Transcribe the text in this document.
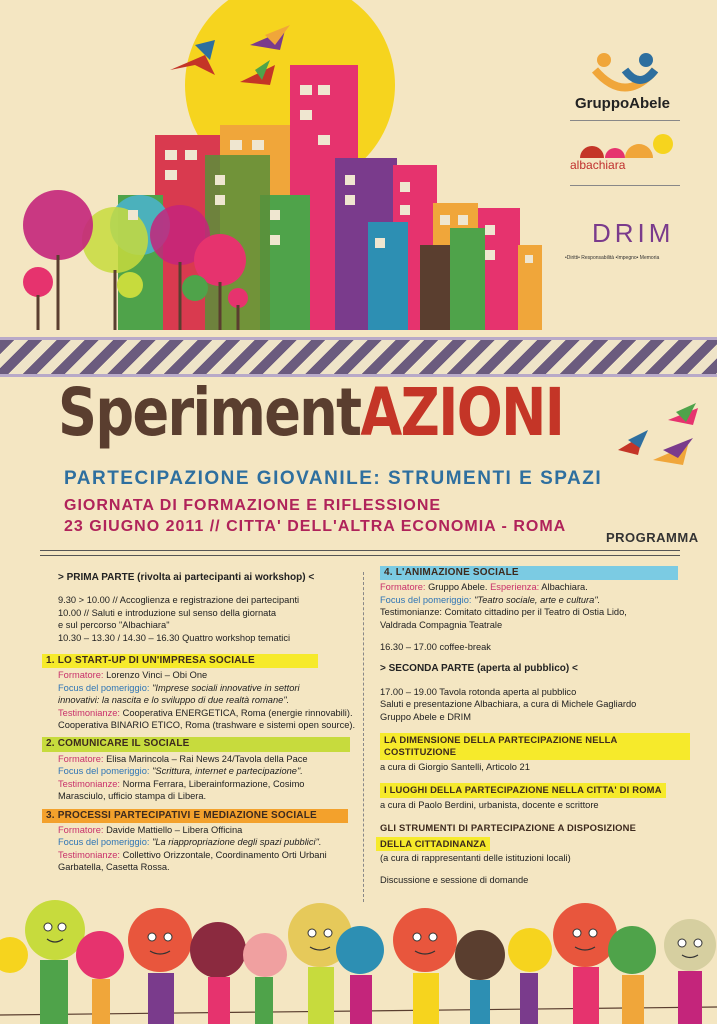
GruppoAbele
albachiara
DRIM
•Diritti• Responsabilità •Impegno• Memoria
SperimentAZIONI
PARTECIPAZIONE GIOVANILE: STRUMENTI E SPAZI
GIORNATA DI FORMAZIONE E RIFLESSIONE
23 GIUGNO 2011 // CITTA' DELL'ALTRA ECONOMIA - ROMA
PROGRAMMA

> PRIMA PARTE (rivolta ai partecipanti ai workshop) <

9.30 > 10.00 // Accoglienza e registrazione dei partecipanti

10.00 // Saluti e introduzione sul senso della giornata

e sul percorso "Albachiara"

10.30 – 13.30 / 14.30 – 16.30 Quattro workshop tematici

1. LO START-UP DI UN'IMPRESA SOCIALE

Formatore: Lorenzo Vinci – Obi One

Focus del pomeriggio: "Imprese sociali innovative in settori

innovativi: la nascita e lo sviluppo di due realtà romane".

Testimonianze: Cooperativa ENERGETICA, Roma (energie rinnovabili).

Cooperativa BINARIO ETICO, Roma (trashware e sistemi open source).

2. COMUNICARE IL SOCIALE

Formatore: Elisa Marincola – Rai News 24/Tavola della Pace

Focus del pomeriggio: "Scrittura, internet e partecipazione".

Testimonianze: Norma Ferrara, Liberainformazione, Cosimo

Marasciulo, ufficio stampa di Libera.

3. PROCESSI PARTECIPATIVI E MEDIAZIONE SOCIALE

Formatore: Davide Mattiello – Libera Officina

Focus del pomeriggio: "La riappropriazione degli spazi pubblici".

Testimonianze: Collettivo Orizzontale, Coordinamento Orti Urbani

Garbatella, Casetta Rossa.

4. L'ANIMAZIONE SOCIALE

Formatore: Gruppo Abele. Esperienza: Albachiara.

Focus del pomeriggio: "Teatro sociale, arte e cultura".

Testimonianze: Comitato cittadino per il Teatro di Ostia Lido,

Valdrada Compagnia Teatrale

16.30 – 17.00 coffee-break

> SECONDA PARTE (aperta al pubblico) <

17.00 – 19.00 Tavola rotonda aperta al pubblico

Saluti e presentazione Albachiara, a cura di Michele Gagliardo

Gruppo Abele e DRIM

LA DIMENSIONE DELLA PARTECIPAZIONE NELLA COSTITUZIONE

a cura di Giorgio Santelli, Articolo 21

I LUOGHI DELLA PARTECIPAZIONE NELLA CITTA' DI ROMA

a cura di Paolo Berdini, urbanista, docente e scrittore

GLI STRUMENTI DI PARTECIPAZIONE A DISPOSIZIONE
DELLA CITTADINANZA

(a cura di rappresentanti delle istituzioni locali)

Discussione e sessione di domande
